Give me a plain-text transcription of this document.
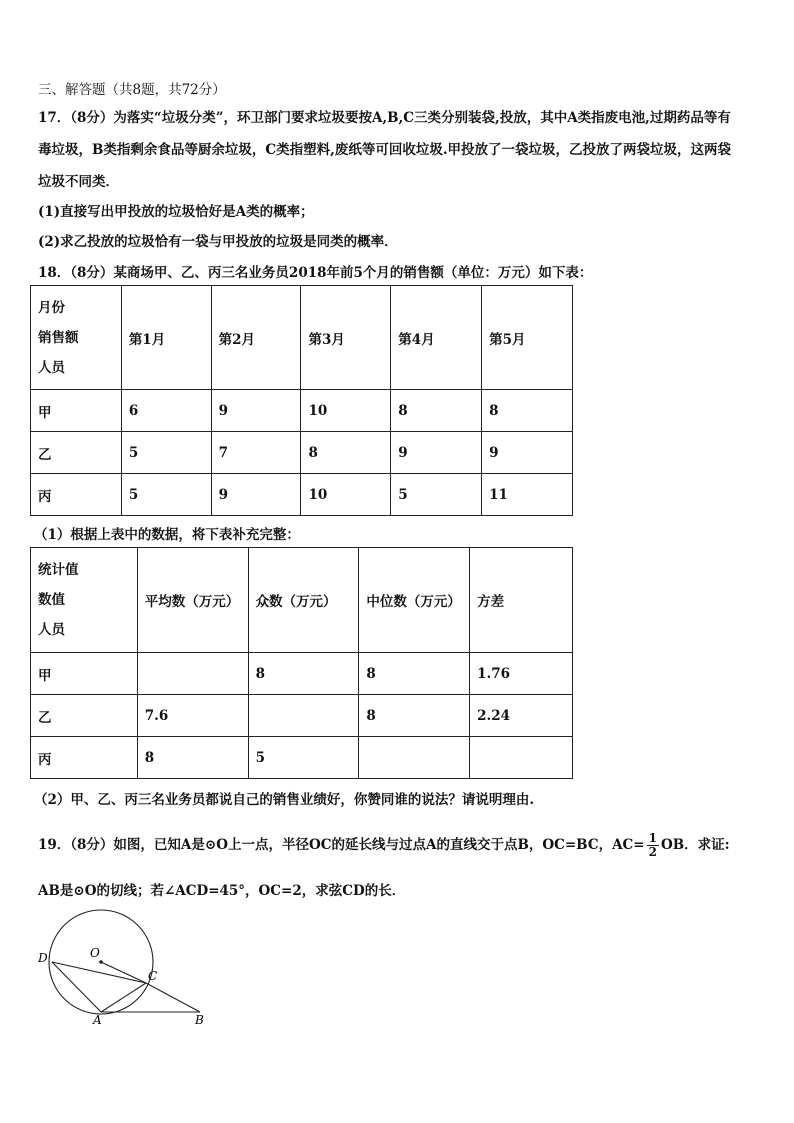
三、解答题（共8题，共72分）
17．（8分）为落实“垃圾分类”，环卫部门要求垃圾要按A,B,C三类分别装袋,投放，其中A类指废电池,过期药品等有
毒垃圾，B类指剩余食品等厨余垃圾，C类指塑料,废纸等可回收垃圾.甲投放了一袋垃圾，乙投放了两袋垃圾，这两袋
垃圾不同类．
(1)直接写出甲投放的垃圾恰好是A类的概率；
(2)求乙投放的垃圾恰有一袋与甲投放的垃圾是同类的概率．
18．（8分）某商场甲、乙、丙三名业务员2018年前5个月的销售额（单位：万元）如下表：
月份
销售额
人员	第1月	第2月	第3月	第4月	第5月
甲	6	9	10	8	8
乙	5	7	8	9	9
丙	5	9	10	5	11
（1）根据上表中的数据，将下表补充完整：
统计值
数值
人员	平均数（万元）	众数（万元）	中位数（万元）	方差
甲		8	8	1.76
乙	7.6		8	2.24
丙	8	5		
（2）甲、乙、丙三名业务员都说自己的销售业绩好，你赞同谁的说法？请说明理由.
19．（8分）如图，已知A是⊙O上一点，半径OC的延长线与过点A的直线交于点B，OC=BC，$AC= \frac{1}{2}$ OB．求证:
AB是⊙O的切线；若∠ACD=45°，OC=2，求弦CD的长．
D	O
C
A	B
